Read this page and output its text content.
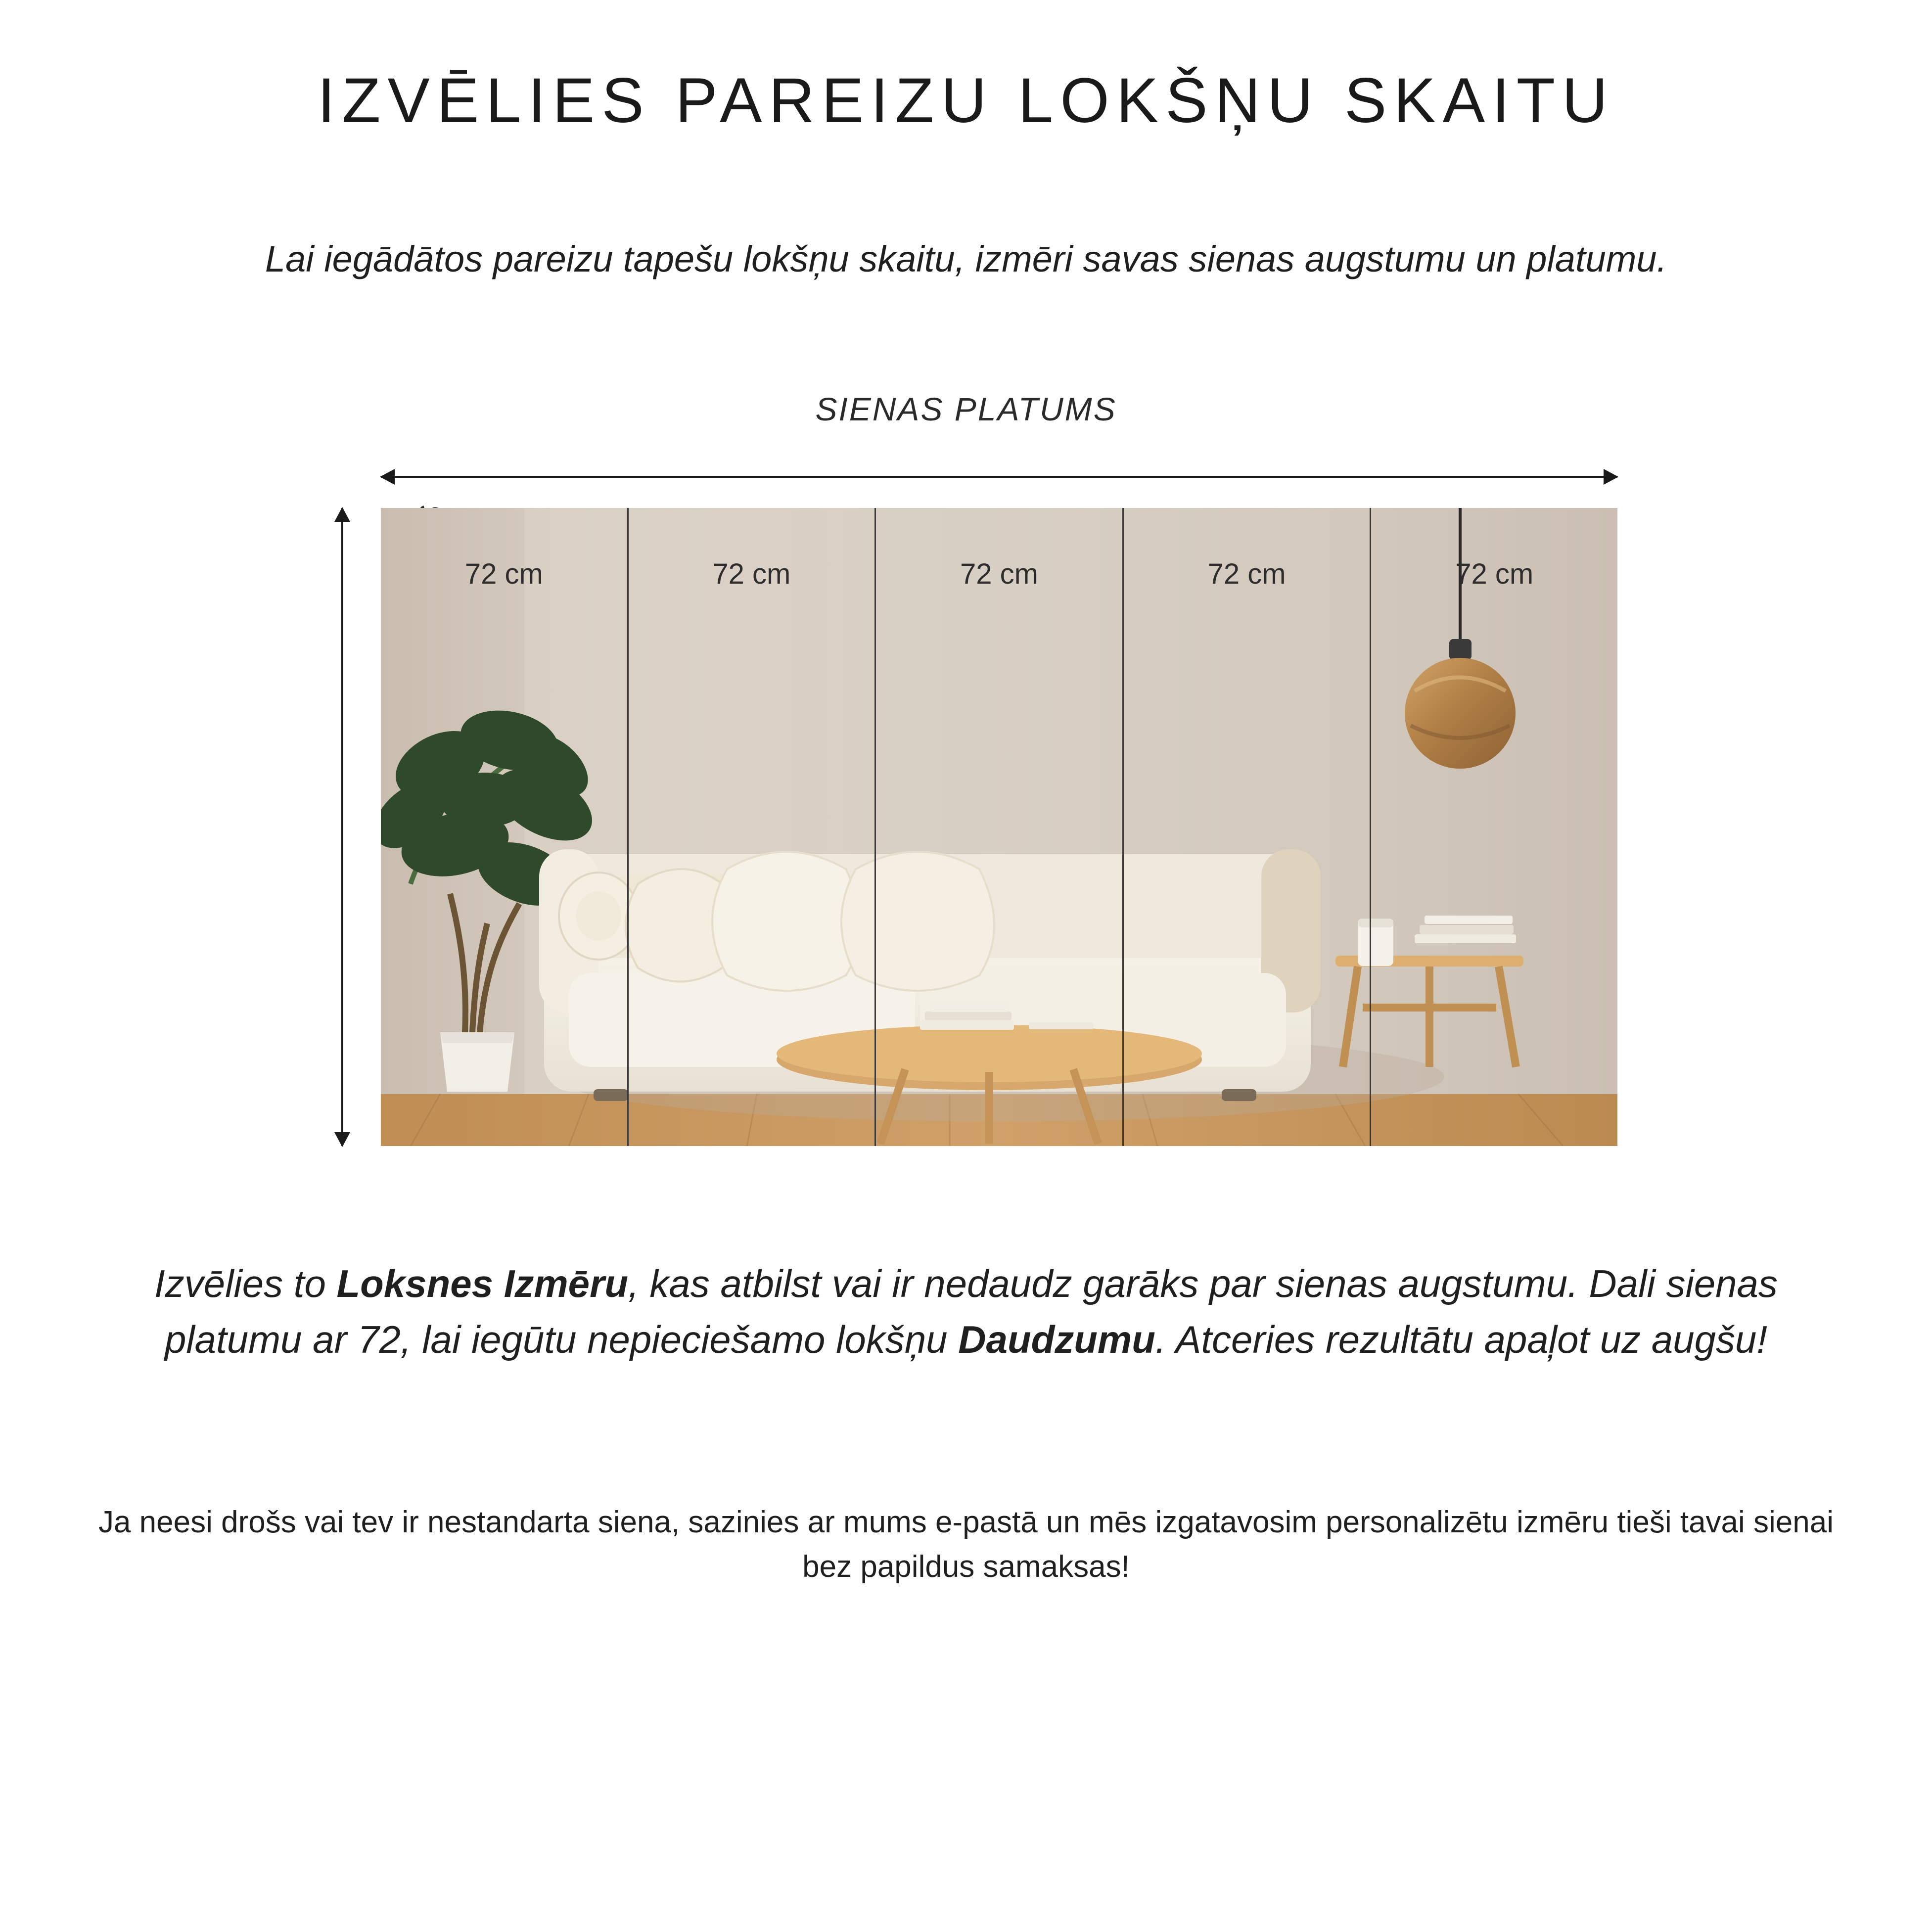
IZVĒLIES PAREIZU LOKŠŅU SKAITU

Lai iegādātos pareizu tapešu lokšņu skaitu, izmēri savas sienas augstumu un platumu.

SIENAS PLATUMS
72 cm	72 cm	72 cm	72 cm	72 cm

Izvēlies to Loksnes Izmēru, kas atbilst vai ir nedaudz garāks par sienas augstumu. Dali sienas platumu ar 72, lai iegūtu nepieciešamo lokšņu Daudzumu. Atceries rezultātu apaļot uz augšu!

Ja neesi drošs vai tev ir nestandarta siena, sazinies ar mums e-pastā un mēs izgatavosim personalizētu izmēru tieši tavai sienai bez papildus samaksas!
